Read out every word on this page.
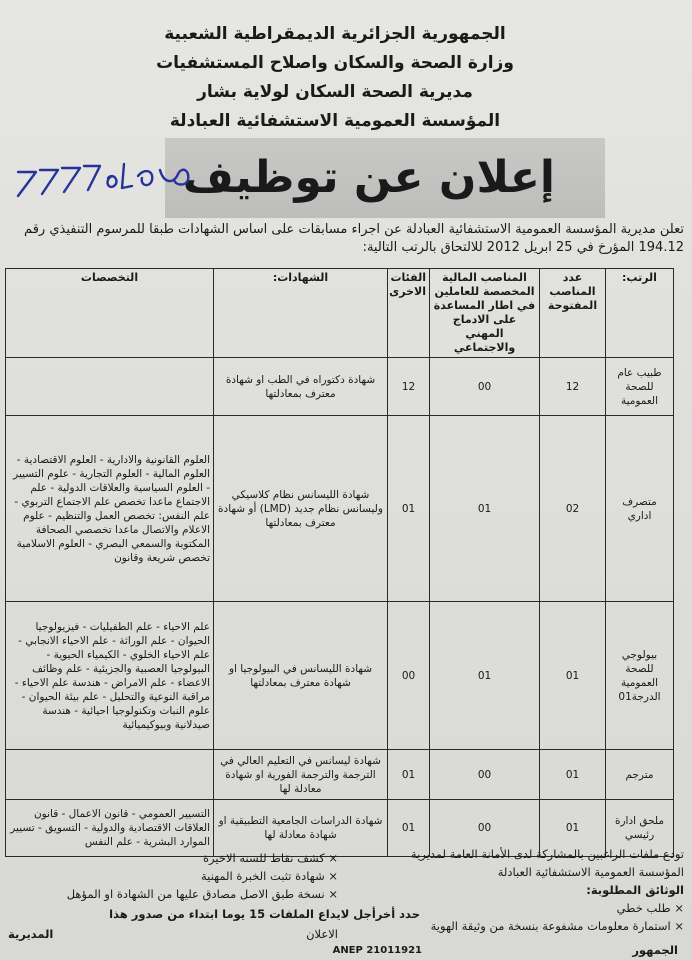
الجمهورية الجزائرية الديمقراطية الشعبية
وزارة الصحة والسكان واصلاح المستشفيات
مديرية الصحة السكان لولاية بشار
المؤسسة العمومية الاستشفائية العبادلة
إعلان عن توظيف
تعلن مديرية المؤسسة العمومية الاستشفائية العبادلة عن اجراء مسابقات على اساس الشهادات طبقا للمرسوم التنفيذي رقم
194.12 المؤرخ في 25 ابريل 2012 للالتحاق بالرتب التالية:
الرتب:	عدد المناصب المفتوحة	المناصب المالية المخصصة للعاملين في اطار المساعدة على الادماج المهني والاجتماعي	الفئات الاخرى	الشهادات:	التخصصات
طبيب عام للصحة العمومية	12	00	12	شهادة دكتوراه في الطب او شهادة معترف بمعادلتها	
متصرف اداري	02	01	01	شهادة الليسانس نظام كلاسيكي وليسانس نظام جديد (LMD) أو شهادة معترف بمعادلتها	العلوم القانونية والادارية - العلوم الاقتصادية - العلوم المالية - العلوم التجارية - علوم التسيير - العلوم السياسية والعلاقات الدولية - علم الاجتماع ماعدا تخصص علم الاجتماع التربوي - علم النفس: تخصص العمل والتنظيم - علوم الاعلام والاتصال ماعدا تخصصي الصحافة المكتوبة والسمعي البصري - العلوم الاسلامية تخصص شريعة وقانون
بيولوجي للصحة العمومية الدرجة01	01	01	00	شهادة الليسانس في البيولوجيا او شهادة معترف بمعادلتها	علم الاحياء - علم الطفيليات - فيزيولوجيا الحيوان - علم الوراثة - علم الاحياء الانجابي - علم الاحياء الخلوي - الكيمياء الحيوية - البيولوجيا العصبية والجزيئية - علم وظائف الاعضاء - علم الامراض - هندسة علم الاحياء - مراقبة النوعية والتحليل - علم بيئة الحيوان - علوم النبات وتكنولوجيا احيائية - هندسة صيدلانية وبيوكيميائية
مترجم	01	00	01	شهادة ليسانس في التعليم العالي في الترجمة والترجمة الفورية او شهادة معادلة لها	
ملحق ادارة رئيسي	01	00	01	شهادة الدراسات الجامعية التطبيقية او شهادة معادلة لها	التسيير العمومي - قانون الاعمال - قانون العلاقات الاقتصادية والدولية - التسويق - تسيير الموارد البشرية - علم النفس
تودع ملفات الراغبين بالمشاركة لدى الأمانة العامة لمديرية
المؤسسة العمومية الاستشفائية العبادلة
الوثائق المطلوبة:
× طلب خطي
× استمارة معلومات مشفوعة بنسخة من وثيقة الهوية
× كشف نقاط للسنة الاخيرة
× شهادة تثبت الخبرة المهنية
× نسخة طبق الاصل مصادق عليها من الشهادة او المؤهل
حدد أخرأجل لايداع الملفات 15 يوما ابتداء من صدور هذا
الاعلان
المديرية
ANEP 21011921	الجمهور
